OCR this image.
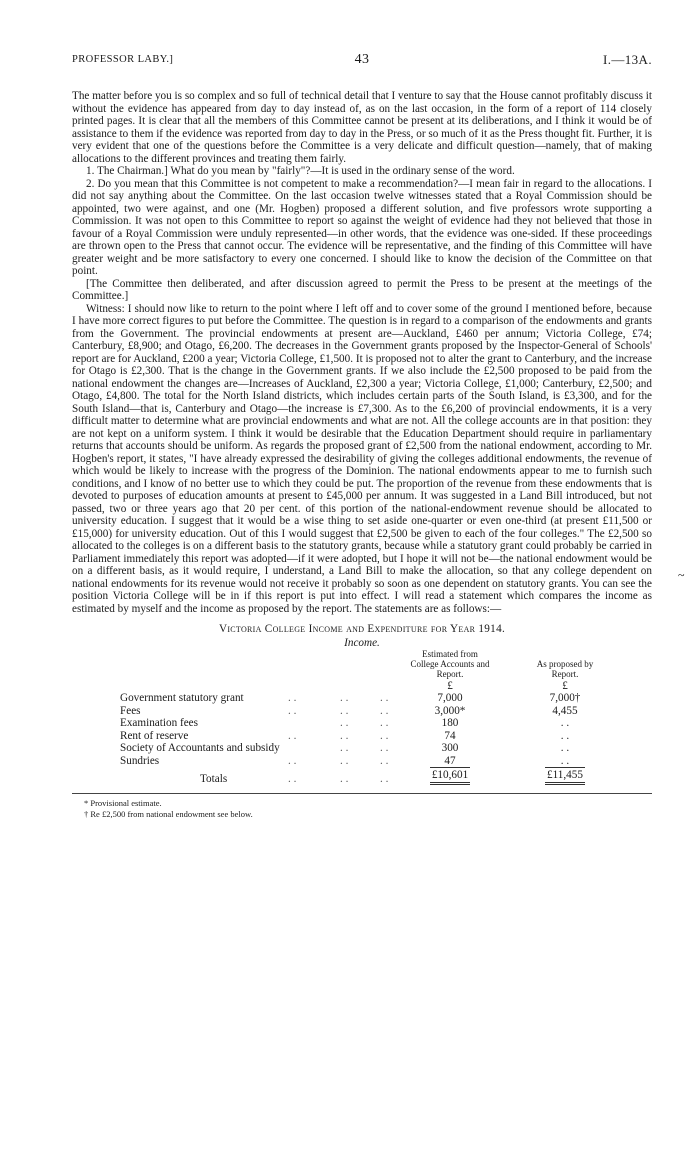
PROFESSOR LABY.]	43	I.—13A.

The matter before you is so complex and so full of technical detail that I venture to say that the House cannot profitably discuss it without the evidence has appeared from day to day instead of, as on the last occasion, in the form of a report of 114 closely printed pages. It is clear that all the members of this Committee cannot be present at its deliberations, and I think it would be of assistance to them if the evidence was reported from day to day in the Press, or so much of it as the Press thought fit. Further, it is very evident that one of the questions before the Committee is a very delicate and difficult question—namely, that of making allocations to the different provinces and treating them fairly.

1. The Chairman.] What do you mean by "fairly"?—It is used in the ordinary sense of the word.

2. Do you mean that this Committee is not competent to make a recommendation?—I mean fair in regard to the allocations. I did not say anything about the Committee. On the last occasion twelve witnesses stated that a Royal Commission should be appointed, two were against, and one (Mr. Hogben) proposed a different solution, and five professors wrote supporting a Commission. It was not open to this Committee to report so against the weight of evidence had they not believed that those in favour of a Royal Commission were unduly represented—in other words, that the evidence was one-sided. If these proceedings are thrown open to the Press that cannot occur. The evidence will be representative, and the finding of this Committee will have greater weight and be more satisfactory to every one concerned. I should like to know the decision of the Committee on that point.

[The Committee then deliberated, and after discussion agreed to permit the Press to be present at the meetings of the Committee.]

Witness: I should now like to return to the point where I left off and to cover some of the ground I mentioned before, because I have more correct figures to put before the Committee. The question is in regard to a comparison of the endowments and grants from the Government. The provincial endowments at present are—Auckland, £460 per annum; Victoria College, £74; Canterbury, £8,900; and Otago, £6,200. The decreases in the Government grants proposed by the Inspector-General of Schools' report are for Auckland, £200 a year; Victoria College, £1,500. It is proposed not to alter the grant to Canterbury, and the increase for Otago is £2,300. That is the change in the Government grants. If we also include the £2,500 proposed to be paid from the national endowment the changes are—Increases of Auckland, £2,300 a year; Victoria College, £1,000; Canterbury, £2,500; and Otago, £4,800. The total for the North Island districts, which includes certain parts of the South Island, is £3,300, and for the South Island—that is, Canterbury and Otago—the increase is £7,300. As to the £6,200 of provincial endowments, it is a very difficult matter to determine what are provincial endowments and what are not. All the college accounts are in that position: they are not kept on a uniform system. I think it would be desirable that the Education Department should require in parliamentary returns that accounts should be uniform. As regards the proposed grant of £2,500 from the national endowment, according to Mr. Hogben's report, it states, "I have already expressed the desirability of giving the colleges additional endowments, the revenue of which would be likely to increase with the progress of the Dominion. The national endowments appear to me to furnish such conditions, and I know of no better use to which they could be put. The proportion of the revenue from these endowments that is devoted to purposes of education amounts at present to £45,000 per annum. It was suggested in a Land Bill introduced, but not passed, two or three years ago that 20 per cent. of this portion of the national-endowment revenue should be allocated to university education. I suggest that it would be a wise thing to set aside one-quarter or even one-third (at present £11,500 or £15,000) for university education. Out of this I would suggest that £2,500 be given to each of the four colleges." The £2,500 so allocated to the colleges is on a different basis to the statutory grants, because while a statutory grant could probably be carried in Parliament immediately this report was adopted—if it were adopted, but I hope it will not be—the national endowment would be on a different basis, as it would require, I understand, a Land Bill to make the allocation, so that any college dependent on national endowments for its revenue would not receive it probably so soon as one dependent on statutory grants. You can see the position Victoria College will be in if this report is put into effect. I will read a statement which compares the income as estimated by myself and the income as proposed by the report. The statements are as follows:—

Victoria College Income and Expenditure for Year 1914.
Income.
				Estimated from College Accounts and Report.		As proposed by Report.
				£		£
Government statutory grant	. .	. .	. .	7,000		7,000†
Fees	. .	. .	. .	3,000*		4,455
Examination fees		. .	. .	180		. .
Rent of reserve	. .	. .	. .	74		. .
Society of Accountants and subsidy		. .	. .	300		. .
Sundries	. .	. .	. .	47		. .
Totals	. .	. .	. .	£10,601		£11,455
* Provisional estimate.
† Re £2,500 from national endowment see below.
~
